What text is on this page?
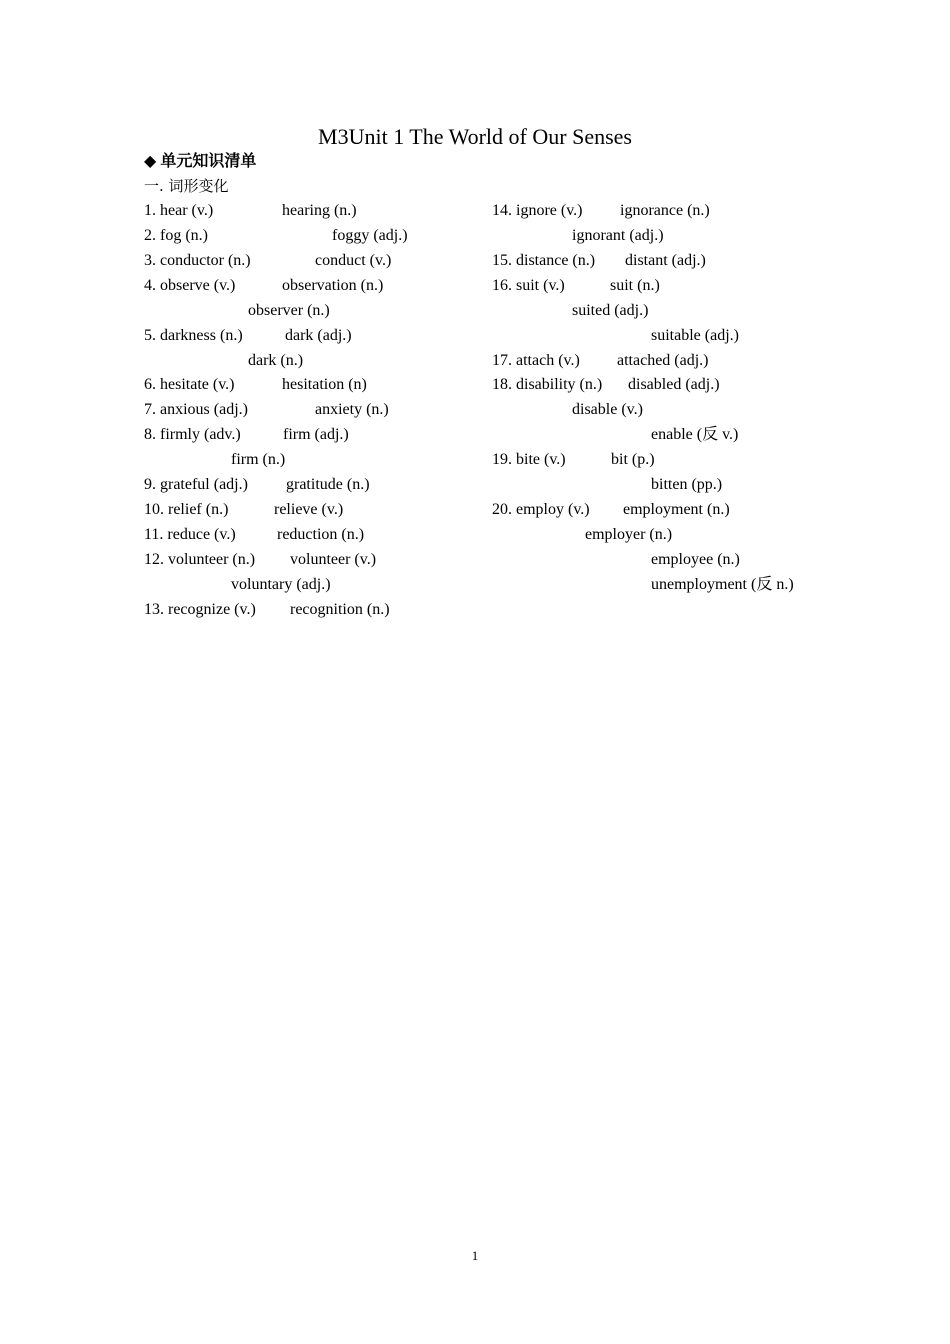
M3Unit 1 The World of Our Senses
◆ 单元知识清单
一. 词形变化
1. hear (v.)	hearing (n.)
2. fog (n.)	foggy (adj.)
3. conductor (n.)	conduct (v.)
4. observe (v.)	observation (n.)
observer (n.)
5. darkness (n.)	dark (adj.)
dark (n.)
6. hesitate (v.)	hesitation (n)
7. anxious (adj.)	anxiety (n.)
8. firmly (adv.)	firm (adj.)
firm (n.)
9. grateful (adj.) gratitude (n.)
10. relief (n.)	relieve (v.)
11. reduce (v.)	reduction (n.)
12. volunteer (n.) volunteer (v.)
voluntary (adj.)
13. recognize (v.) recognition (n.)
14. ignore (v.) ignorance (n.)
ignorant (adj.)
15. distance (n.) distant (adj.)
16. suit (v.)	suit (n.)
suited (adj.)
suitable (adj.)
17. attach (v.) attached (adj.)
18. disability (n.) disabled (adj.)
disable (v.)
enable (反 v.)
19. bite (v.)	bit (p.)
bitten (pp.)
20. employ (v.) employment (n.)
employer (n.)
employee (n.)
unemployment (反 n.)
1
